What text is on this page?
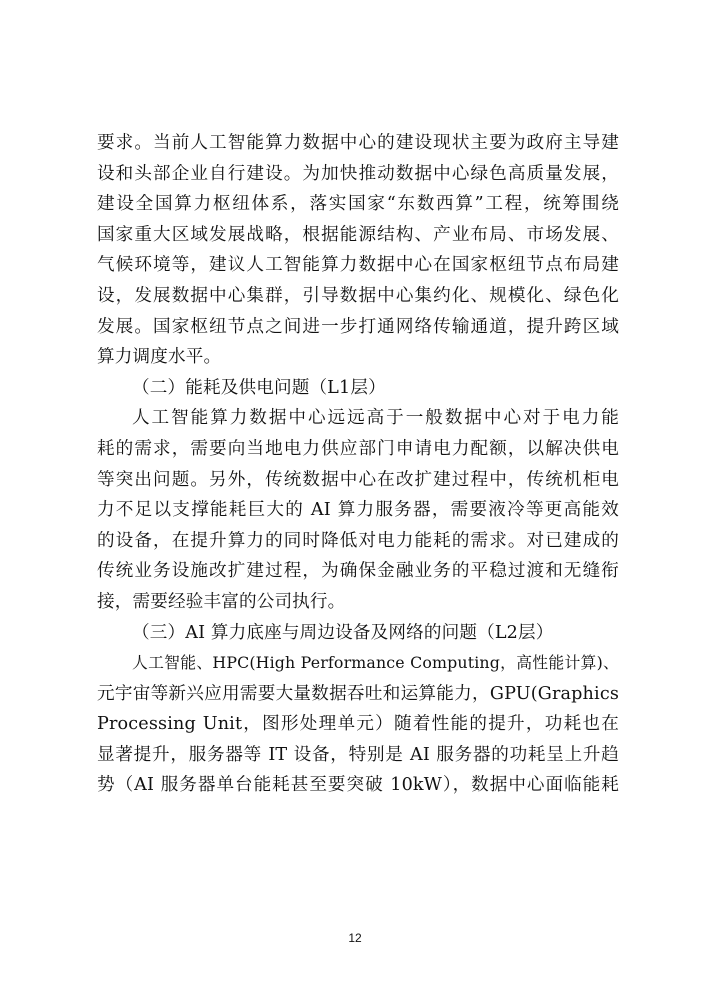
要求。当前人工智能算力数据中心的建设现状主要为政府主导建
设和头部企业自行建设。为加快推动数据中心绿色高质量发展，
建设全国算力枢纽体系，落实国家“东数西算”工程，统筹围绕
国家重大区域发展战略，根据能源结构、产业布局、市场发展、
气候环境等，建议人工智能算力数据中心在国家枢纽节点布局建
设，发展数据中心集群，引导数据中心集约化、规模化、绿色化
发展。国家枢纽节点之间进一步打通网络传输通道，提升跨区域
算力调度水平。
（二）能耗及供电问题（L1层）
人工智能算力数据中心远远高于一般数据中心对于电力能
耗的需求，需要向当地电力供应部门申请电力配额，以解决供电
等突出问题。另外，传统数据中心在改扩建过程中，传统机柜电
力不足以支撑能耗巨大的 AI 算力服务器，需要液冷等更高能效
的设备，在提升算力的同时降低对电力能耗的需求。对已建成的
传统业务设施改扩建过程，为确保金融业务的平稳过渡和无缝衔
接，需要经验丰富的公司执行。
（三）AI 算力底座与周边设备及网络的问题（L2层）
人工智能、HPC(High Performance Computing，高性能计算)、
元宇宙等新兴应用需要大量数据吞吐和运算能力，GPU(Graphics
Processing Unit，图形处理单元）随着性能的提升，功耗也在
显著提升，服务器等 IT 设备，特别是 AI 服务器的功耗呈上升趋
势（AI 服务器单台能耗甚至要突破 10kW），数据中心面临能耗
12
